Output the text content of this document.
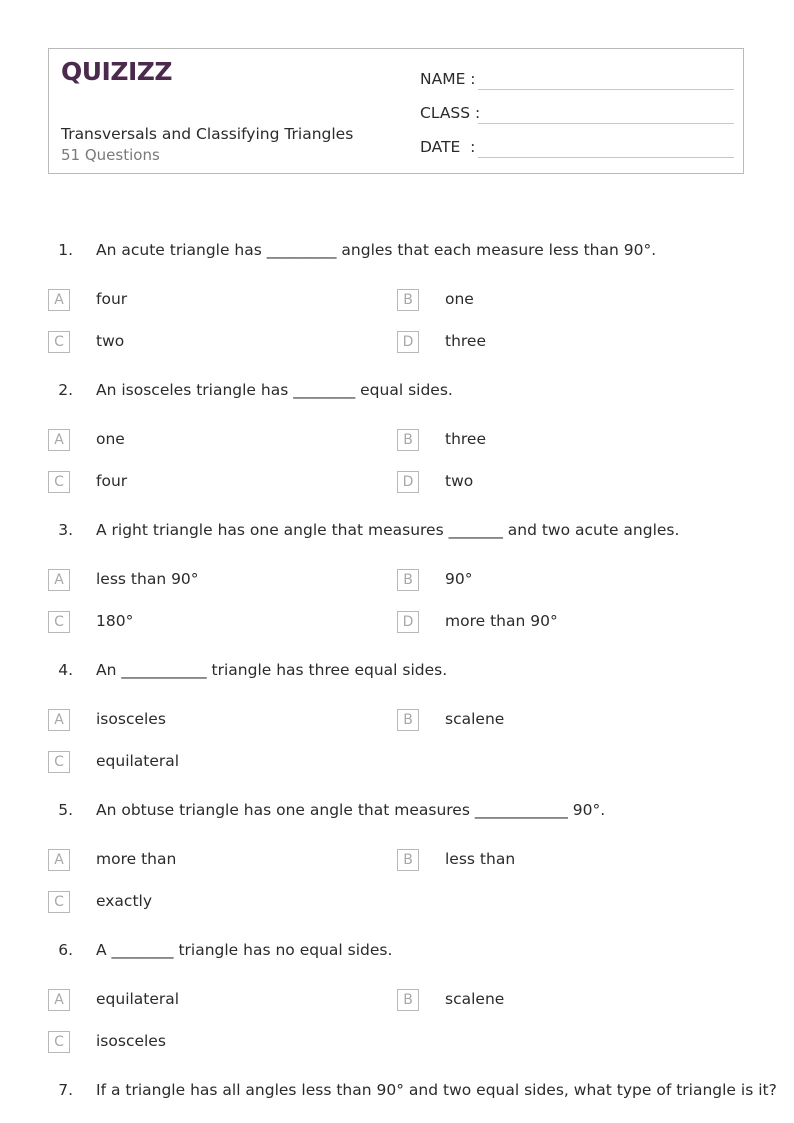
QUIZIZZ
Transversals and Classifying Triangles
51 Questions
NAME :
CLASS :
DATE  :
1. An acute triangle has _________ angles that each measure less than 90°.
A	four	B	one
C	two	D	three
2. An isosceles triangle has ________ equal sides.
A	one	B	three
C	four	D	two
3. A right triangle has one angle that measures _______ and two acute angles.
A	less than 90°	B	90°
C	180°	D	more than 90°
4. An ___________ triangle has three equal sides.
A	isosceles	B	scalene
C	equilateral
5. An obtuse triangle has one angle that measures ____________ 90°.
A	more than	B	less than
C	exactly
6. A ________ triangle has no equal sides.
A	equilateral	B	scalene
C	isosceles
7. If a triangle has all angles less than 90° and two equal sides, what type of triangle is it?
